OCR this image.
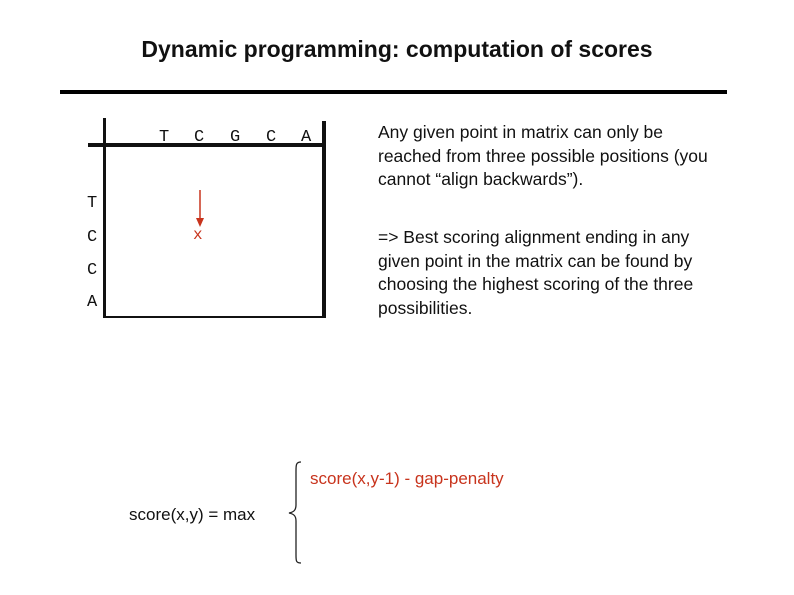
Dynamic programming: computation of scores
T C G C A
T
C
C
A
x

Any given point in matrix can only be reached from three possible positions (you cannot “align backwards”).

=> Best scoring alignment ending in any given point in the matrix can be found by choosing the highest scoring of the three possibilities.

score(x,y) = max
score(x,y-1) - gap-penalty
